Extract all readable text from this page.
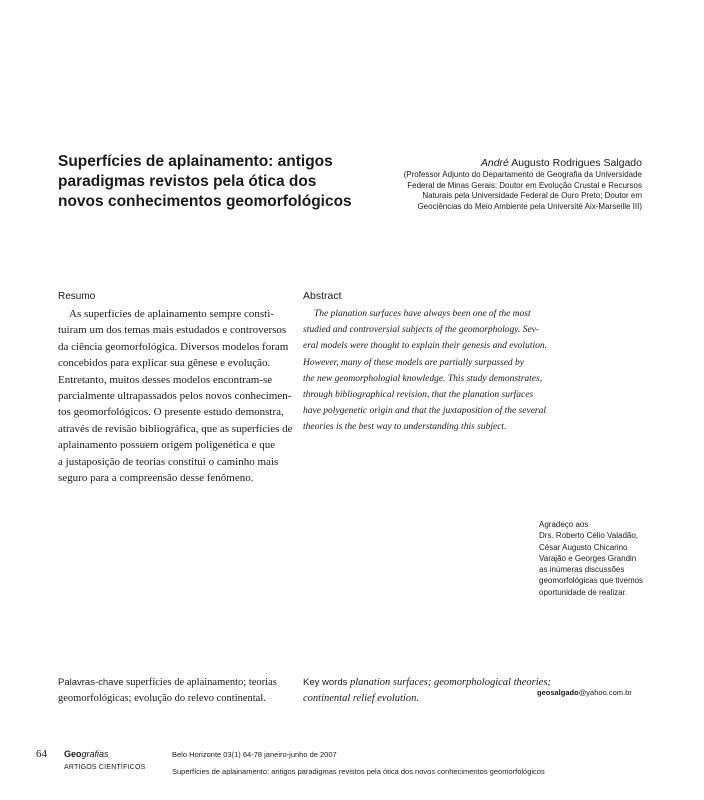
Superfícies de aplainamento: antigos
paradigmas revistos pela ótica dos
novos conhecimentos geomorfológicos
André Augusto Rodrigues Salgado
(Professor Adjunto do Departamento de Geografia da Universidade
Federal de Minas Gerais; Doutor em Evolução Crustal e Recursos
Naturais pela Universidade Federal de Ouro Preto; Doutor em
Geociências do Meio Ambiente pela Université Aix-Marseille III)
Resumo
As superfícies de aplainamento sempre consti-
tuíram um dos temas mais estudados e controversos
da ciência geomorfológica. Diversos modelos foram
concebidos para explicar sua gênese e evolução.
Entretanto, muitos desses modelos encontram-se
parcialmente ultrapassados pelos novos conhecimen-
tos geomorfológicos. O presente estudo demonstra,
através de revisão bibliográfica, que as superfícies de
aplainamento possuem origem poligenética e que
a justaposição de teorias constitui o caminho mais
seguro para a compreensão desse fenômeno.
Abstract
The planation surfaces have always been one of the most
studied and controversial subjects of the geomorphology. Sev-
eral models were thought to explain their genesis and evolution.
However, many of these models are partially surpassed by
the new geomorphologial knowledge. This study demonstrates,
through bibliographical revision, that the planation surfaces
have polygenetic origin and that the juxtaposition of the several
theories is the best way to understanding this subject.
Agradeço aos
Drs. Roberto Célio Valadão,
César Augusto Chicarino
Varajão e Georges Grandin
as inúmeras discussões
geomorfológicas que tivemos
oportunidade de realizar.
Palavras-chave superfícies de aplainamento; teorias
geomorfológicas; evolução do relevo continental.
Key words planation surfaces; geomorphological theories;
continental relief evolution.
geosalgado@yahoo.com.br
64 Geografias
ARTIGOS CIENTÍFICOS
Belo Horizonte 03(1) 64-78 janeiro-junho de 2007
Superfícies de aplainamento: antigos paradigmas revistos pela ótica dos novos conhecimentos geomorfológicos
